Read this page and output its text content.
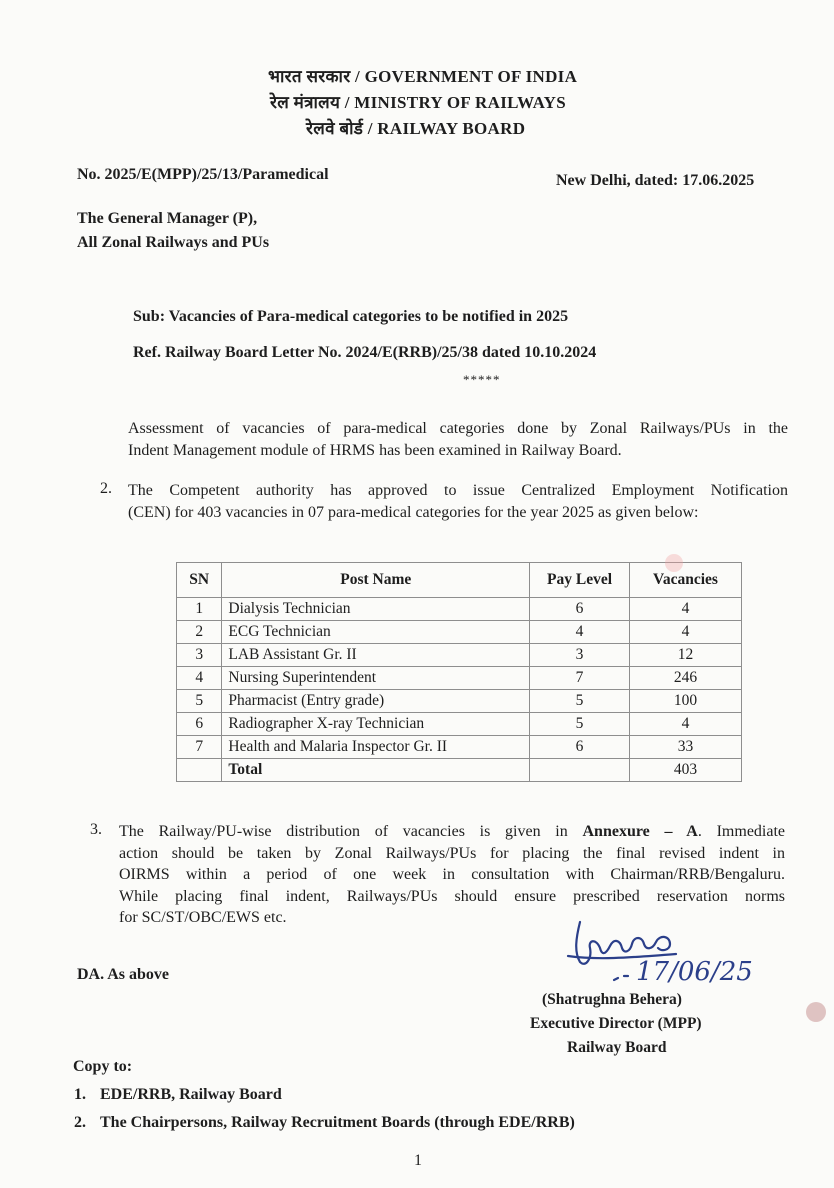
भारत सरकार / GOVERNMENT OF INDIA
रेल मंत्रालय / MINISTRY OF RAILWAYS
रेलवे बोर्ड / RAILWAY BOARD
No. 2025/E(MPP)/25/13/Paramedical	New Delhi, dated: 17.06.2025
The General Manager (P),
All Zonal Railways and PUs
Sub: Vacancies of Para-medical categories to be notified in 2025
Ref. Railway Board Letter No. 2024/E(RRB)/25/38 dated 10.10.2024
*****
Assessment of vacancies of para-medical categories done by Zonal Railways/PUs in the
Indent Management module of HRMS has been examined in Railway Board.
2. The Competent authority has approved to issue Centralized Employment Notification
(CEN) for 403 vacancies in 07 para-medical categories for the year 2025 as given below:
SN	Post Name	Pay Level	Vacancies
1	Dialysis Technician	6	4
2	ECG Technician	4	4
3	LAB Assistant Gr. II	3	12
4	Nursing Superintendent	7	246
5	Pharmacist (Entry grade)	5	100
6	Radiographer X-ray Technician	5	4
7	Health and Malaria Inspector Gr. II	6	33
	Total		403
3. The Railway/PU-wise distribution of vacancies is given in Annexure – A. Immediate
action should be taken by Zonal Railways/PUs for placing the final revised indent in
OIRMS within a period of one week in consultation with Chairman/RRB/Bengaluru.
While placing final indent, Railways/PUs should ensure prescribed reservation norms
for SC/ST/OBC/EWS etc.
DA. As above	17/06/25
(Shatrughna Behera)
Executive Director (MPP)
Railway Board
Copy to:
1. EDE/RRB, Railway Board
2. The Chairpersons, Railway Recruitment Boards (through EDE/RRB)
1
